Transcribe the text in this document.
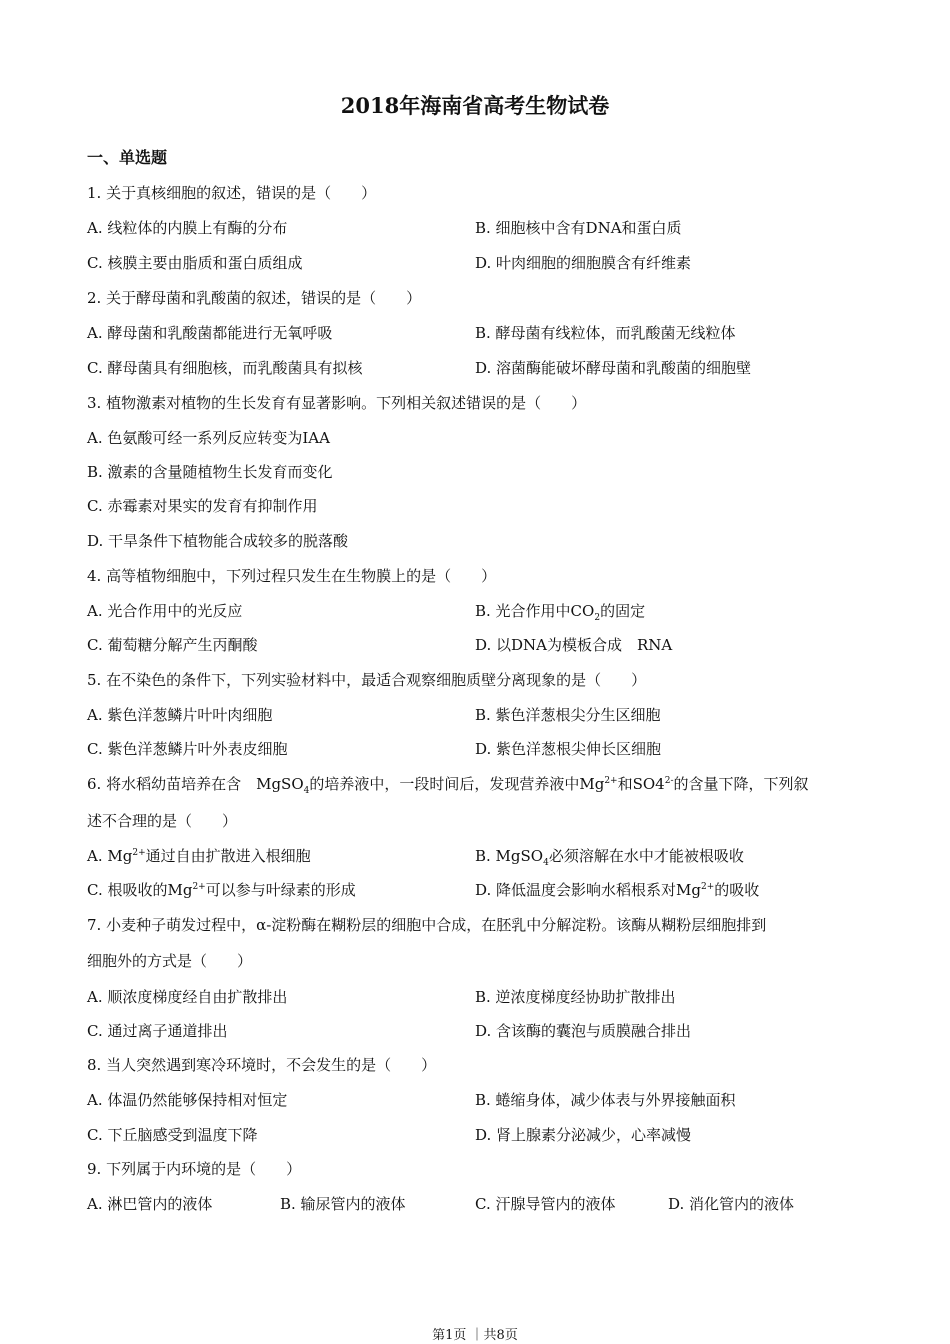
2018年海南省高考生物试卷
一、单选题
1. 关于真核细胞的叙述，错误的是（　　）
A. 线粒体的内膜上有酶的分布	B. 细胞核中含有DNA和蛋白质
C. 核膜主要由脂质和蛋白质组成	D. 叶肉细胞的细胞膜含有纤维素
2. 关于酵母菌和乳酸菌的叙述，错误的是（　　）
A. 酵母菌和乳酸菌都能进行无氧呼吸	B. 酵母菌有线粒体，而乳酸菌无线粒体
C. 酵母菌具有细胞核，而乳酸菌具有拟核	D. 溶菌酶能破坏酵母菌和乳酸菌的细胞壁
3. 植物激素对植物的生长发育有显著影响。下列相关叙述错误的是（　　）
A. 色氨酸可经一系列反应转变为IAA
B. 激素的含量随植物生长发育而变化
C. 赤霉素对果实的发育有抑制作用
D. 干旱条件下植物能合成较多的脱落酸
4. 高等植物细胞中，下列过程只发生在生物膜上的是（　　）
A. 光合作用中的光反应	B. 光合作用中$CO_2$的固定
C. 葡萄糖分解产生丙酮酸	D. 以DNA为模板合成　RNA
5. 在不染色的条件下，下列实验材料中，最适合观察细胞质壁分离现象的是（　　）
A. 紫色洋葱鳞片叶叶肉细胞	B. 紫色洋葱根尖分生区细胞
C. 紫色洋葱鳞片叶外表皮细胞	D. 紫色洋葱根尖伸长区细胞
6. 将水稻幼苗培养在含　MgSO$_4$的培养液中，一段时间后，发现营养液中$Mg^{2+}$和$SO4^{2-}$的含量下降，下列叙
述不合理的是（　　）
A. $Mg^{2+}$通过自由扩散进入根细胞	B. MgSO$_4$必须溶解在水中才能被根吸收
C. 根吸收的$Mg^{2+}$可以参与叶绿素的形成	D. 降低温度会影响水稻根系对$Mg^{2+}$的吸收
7. 小麦种子萌发过程中，α-淀粉酶在糊粉层的细胞中合成，在胚乳中分解淀粉。该酶从糊粉层细胞排到
细胞外的方式是（　　）
A. 顺浓度梯度经自由扩散排出	B. 逆浓度梯度经协助扩散排出
C. 通过离子通道排出	D. 含该酶的囊泡与质膜融合排出
8. 当人突然遇到寒冷环境时，不会发生的是（　　）
A. 体温仍然能够保持相对恒定	B. 蜷缩身体，减少体表与外界接触面积
C. 下丘脑感受到温度下降	D. 肾上腺素分泌减少，心率减慢
9. 下列属于内环境的是（　　）
A. 淋巴管内的液体	B. 输尿管内的液体	C. 汗腺导管内的液体	D. 消化管内的液体
第1页 ｜共8页
